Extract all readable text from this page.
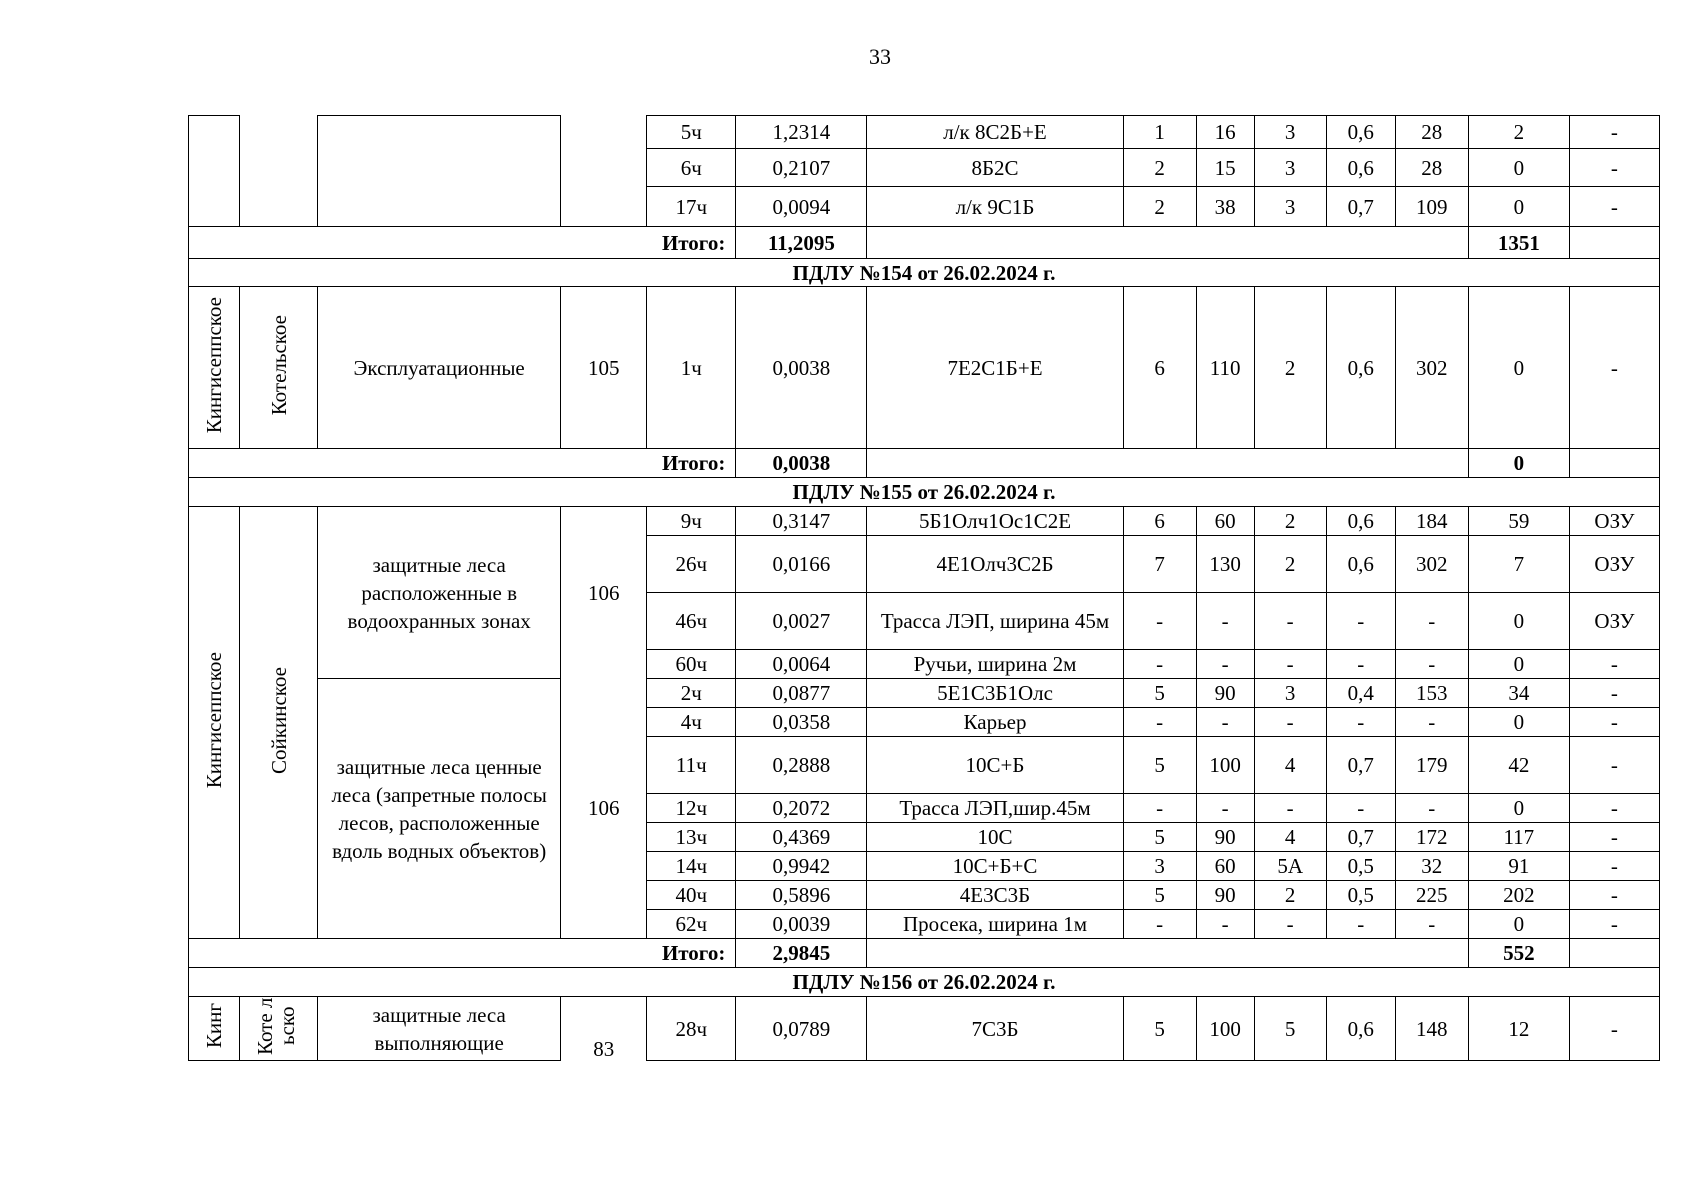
33
				5ч	1,2314	л/к 8С2Б+Е	1	16	3	0,6	28	2	-
				6ч	0,2107	8Б2С	2	15	3	0,6	28	0	-
				17ч	0,0094	л/к 9С1Б	2	38	3	0,7	109	0	-
Итого:					11,2095							1351	
ПДЛУ №154 от 26.02.2024 г.													
Кингисеппское	Котельское	Эксплуатационные	105	1ч	0,0038	7Е2С1Б+Е	6	110	2	0,6	302	0	-
Итого:					0,0038							0	
ПДЛУ №155 от 26.02.2024 г.													
Кингисеппское	Сойкинское	защитные леса расположенные в водоохранных зонах	106	9ч	0,3147	5Б1Олч1Ос1С2Е	6	60	2	0,6	184	59	ОЗУ
				26ч	0,0166	4Е1Олч3С2Б	7	130	2	0,6	302	7	ОЗУ
				46ч	0,0027	Трасса ЛЭП, ширина 45м	-	-	-	-	-	0	ОЗУ
				60ч	0,0064	Ручьи, ширина 2м	-	-	-	-	-	0	-
		защитные леса ценные леса (запретные полосы лесов, расположенные вдоль водных объектов)	106	2ч	0,0877	5Е1С3Б1Олс	5	90	3	0,4	153	34	-
				4ч	0,0358	Карьер	-	-	-	-	-	0	-
				11ч	0,2888	10С+Б	5	100	4	0,7	179	42	-
				12ч	0,2072	Трасса ЛЭП,шир.45м	-	-	-	-	-	0	-
				13ч	0,4369	10С	5	90	4	0,7	172	117	-
				14ч	0,9942	10С+Б+С	3	60	5А	0,5	32	91	-
				40ч	0,5896	4Е3С3Б	5	90	2	0,5	225	202	-
				62ч	0,0039	Просека, ширина 1м	-	-	-	-	-	0	-
Итого:					2,9845							552	
ПДЛУ №156 от 26.02.2024 г.													
Кинг	Коте льско	защитные леса выполняющие	83	28ч	0,0789	7С3Б	5	100	5	0,6	148	12	-
